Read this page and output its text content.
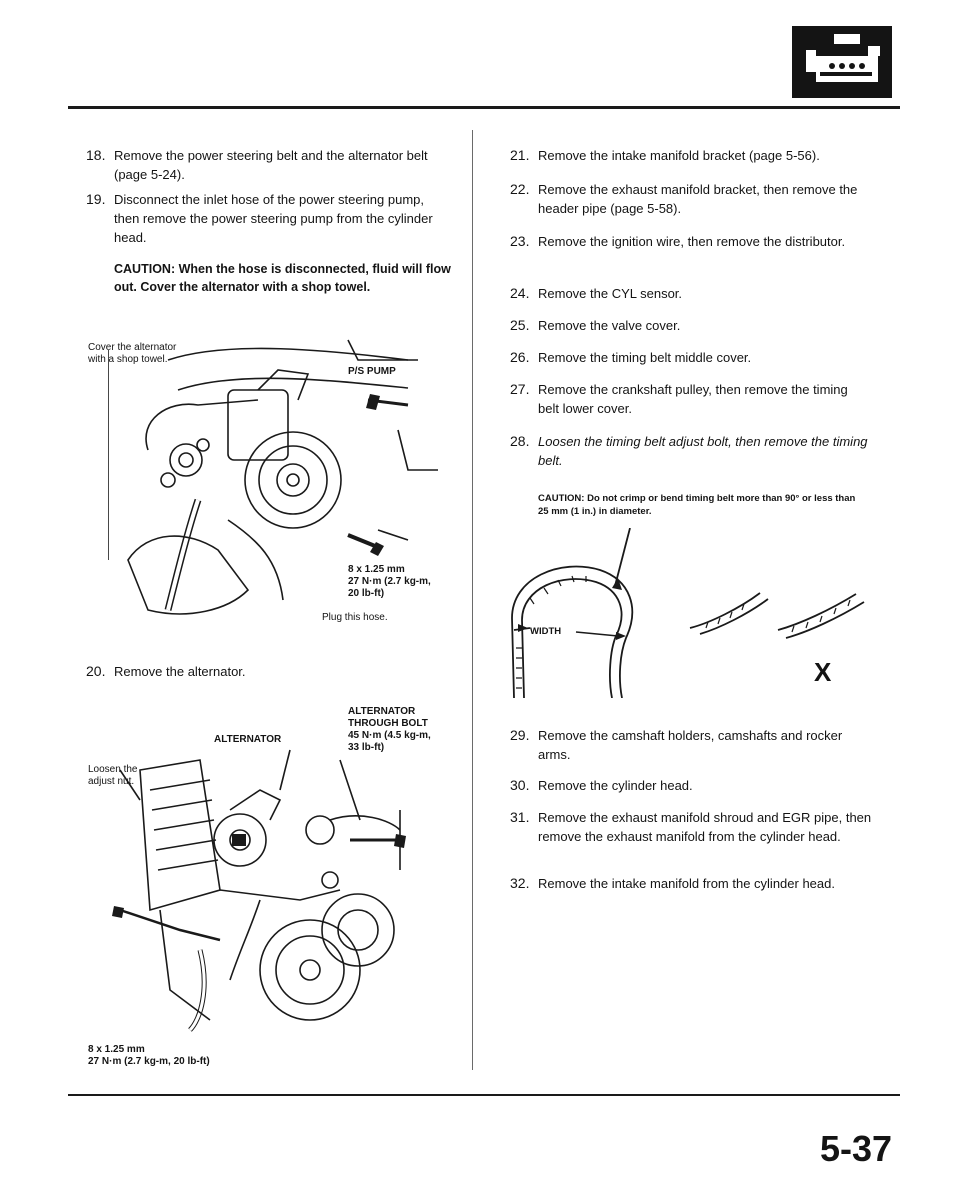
18. Remove the power steering belt and the alternator belt (page 5-24).
19. Disconnect the inlet hose of the power steering pump, then remove the power steering pump from the cylinder head.
CAUTION: When the hose is disconnected, fluid will flow out. Cover the alternator with a shop towel.
Cover the alternator
with a shop towel.
P/S PUMP
8 x 1.25 mm
27 N·m (2.7 kg-m,
20 lb-ft)
Plug this hose.
20. Remove the alternator.
ALTERNATOR
ALTERNATOR
THROUGH BOLT
45 N·m (4.5 kg-m,
33 lb-ft)
Loosen the
adjust nut.
8 x 1.25 mm
27 N·m (2.7 kg-m, 20 lb-ft)
21. Remove the intake manifold bracket (page 5-56).
22. Remove the exhaust manifold bracket, then remove the header pipe (page 5-58).
23. Remove the ignition wire, then remove the distributor.
24. Remove the CYL sensor.
25. Remove the valve cover.
26. Remove the timing belt middle cover.
27. Remove the crankshaft pulley, then remove the timing belt lower cover.
28. Loosen the timing belt adjust bolt, then remove the timing belt.
CAUTION: Do not crimp or bend timing belt more than 90° or less than 25 mm (1 in.) in diameter.
WIDTH
X
29. Remove the camshaft holders, camshafts and rocker arms.
30. Remove the cylinder head.
31. Remove the exhaust manifold shroud and EGR pipe, then remove the exhaust manifold from the cylinder head.
32. Remove the intake manifold from the cylinder head.
5-37
